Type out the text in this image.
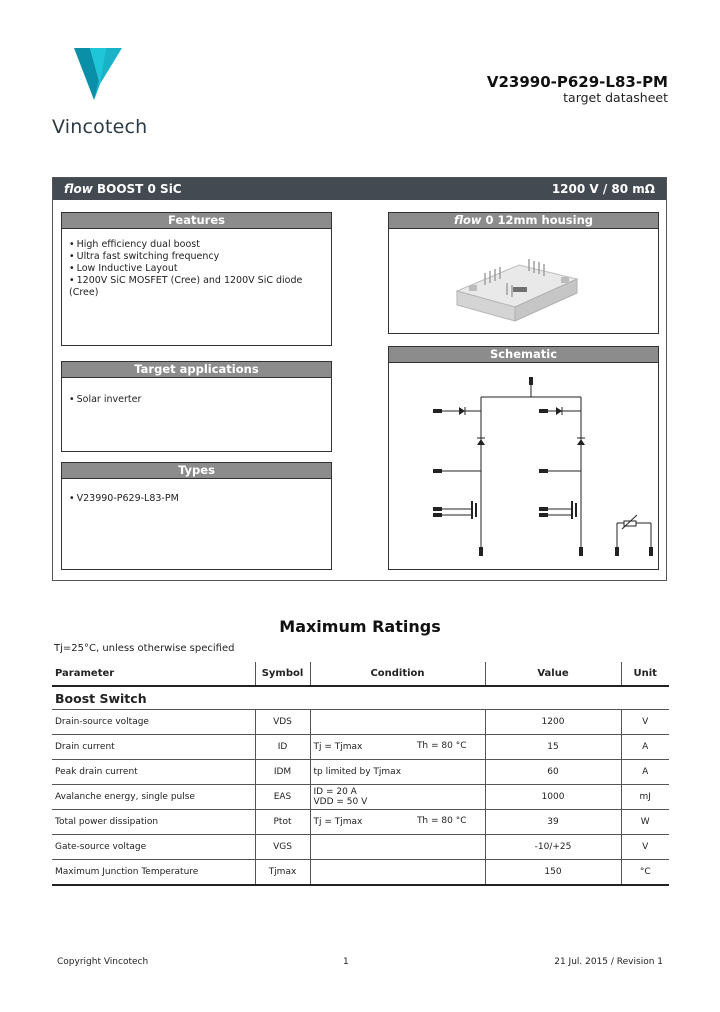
Vincotech
V23990-P629-L83-PM
target datasheet
flow BOOST 0 SiC	1200 V / 80 mΩ
Features
• High efficiency dual boost
• Ultra fast switching frequency
• Low Inductive Layout
• 1200V SiC MOSFET (Cree) and 1200V SiC diode (Cree)
flow 0 12mm housing
Target applications
• Solar inverter
Types
• V23990-P629-L83-PM
Schematic
Maximum Ratings
Tj=25°C, unless otherwise specified
Parameter	Symbol	Condition	Value	Unit
Boost Switch				
Drain-source voltage	VDS		1200	V
Drain current	ID	Tj = Tjmax Th = 80 °C	15	A
Peak drain current	IDM	tp limited by Tjmax	60	A
Avalanche energy, single pulse	EAS	ID = 20 A
VDD = 50 V	1000	mJ
Total power dissipation	Ptot	Tj = Tjmax Th = 80 °C	39	W
Gate-source voltage	VGS		-10/+25	V
Maximum Junction Temperature	Tjmax		150	°C
Copyright Vincotech	1	21 Jul. 2015 / Revision 1
